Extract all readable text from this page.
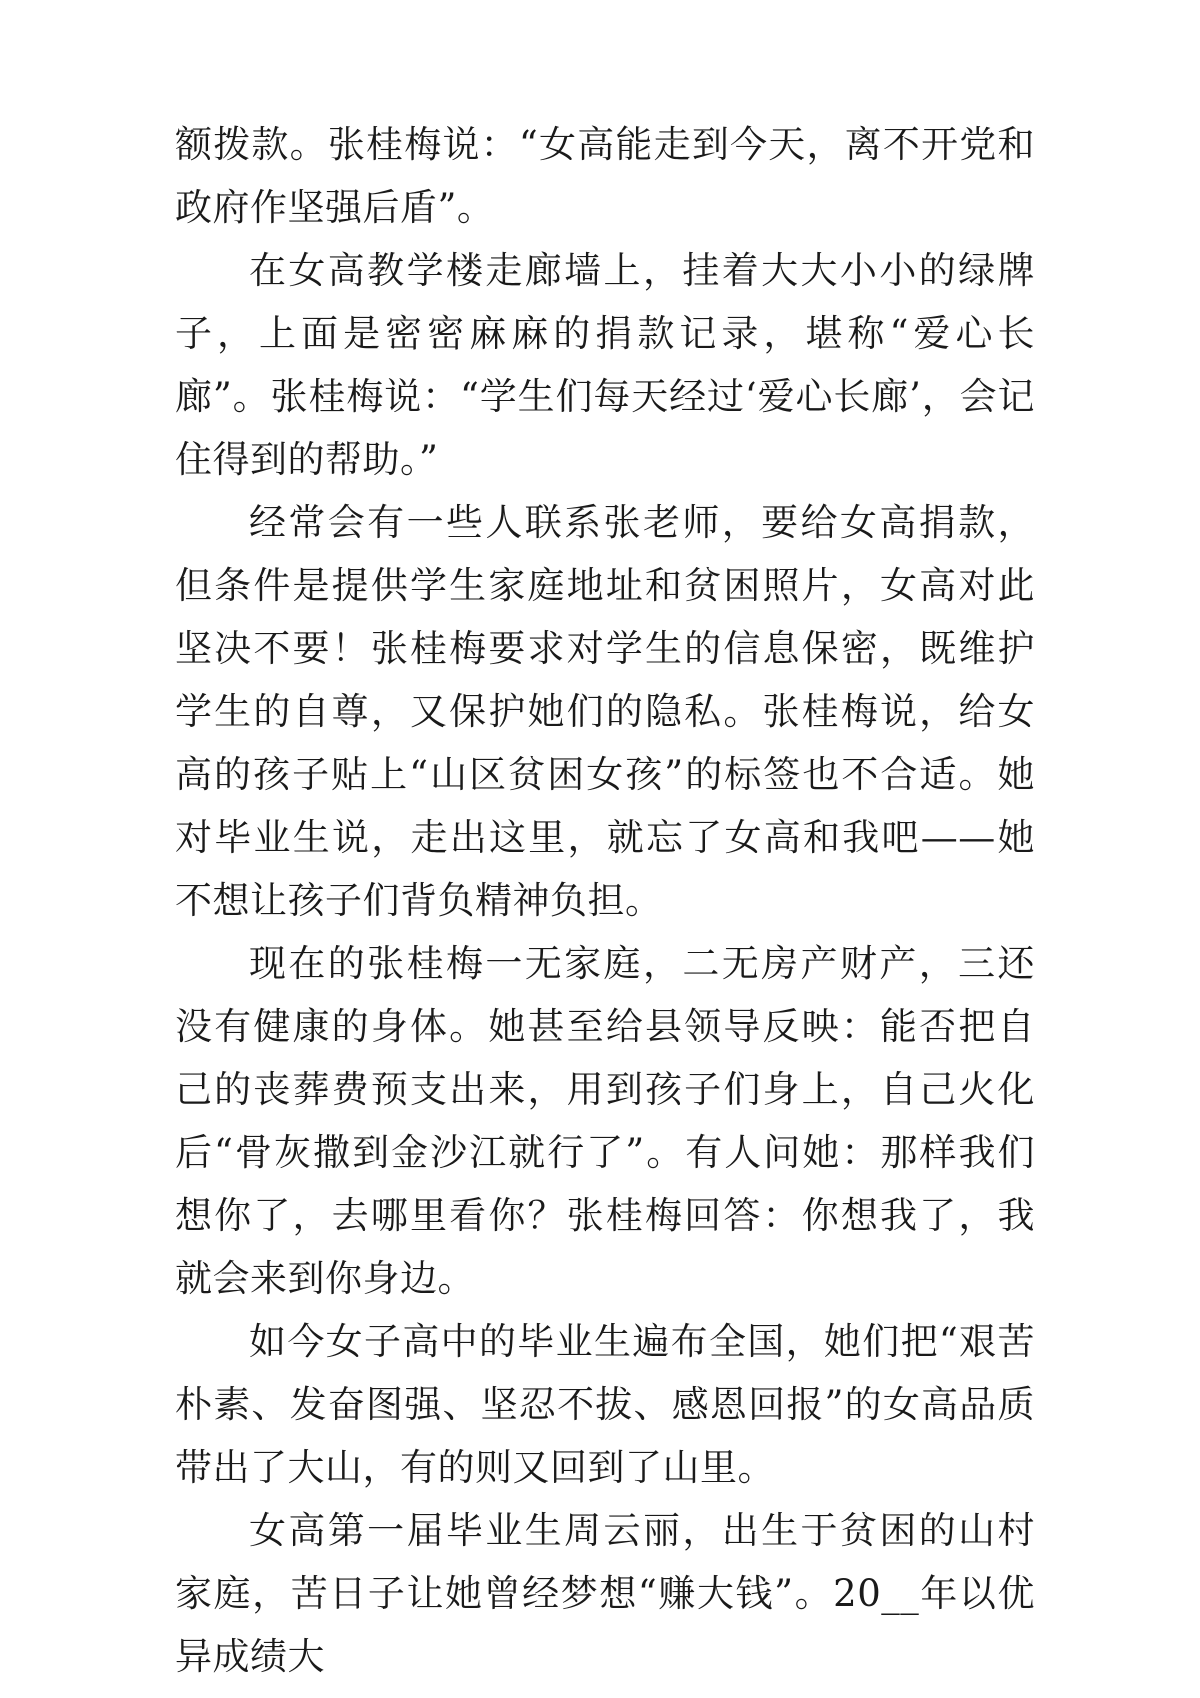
额拨款。张桂梅说：“女高能走到今天，离不开党和政府作坚强后盾”。

在女高教学楼走廊墙上，挂着大大小小的绿牌子，上面是密密麻麻的捐款记录，堪称“爱心长廊”。张桂梅说：“学生们每天经过‘爱心长廊’，会记住得到的帮助。”

经常会有一些人联系张老师，要给女高捐款，但条件是提供学生家庭地址和贫困照片，女高对此坚决不要！张桂梅要求对学生的信息保密，既维护学生的自尊，又保护她们的隐私。张桂梅说，给女高的孩子贴上“山区贫困女孩”的标签也不合适。她对毕业生说，走出这里，就忘了女高和我吧——她不想让孩子们背负精神负担。

现在的张桂梅一无家庭，二无房产财产，三还没有健康的身体。她甚至给县领导反映：能否把自己的丧葬费预支出来，用到孩子们身上，自己火化后“骨灰撒到金沙江就行了”。有人问她：那样我们想你了，去哪里看你？张桂梅回答：你想我了，我就会来到你身边。

如今女子高中的毕业生遍布全国，她们把“艰苦朴素、发奋图强、坚忍不拔、感恩回报”的女高品质带出了大山，有的则又回到了山里。

女高第一届毕业生周云丽，出生于贫困的山村家庭，苦日子让她曾经梦想“赚大钱”。20__年以优异成绩大
